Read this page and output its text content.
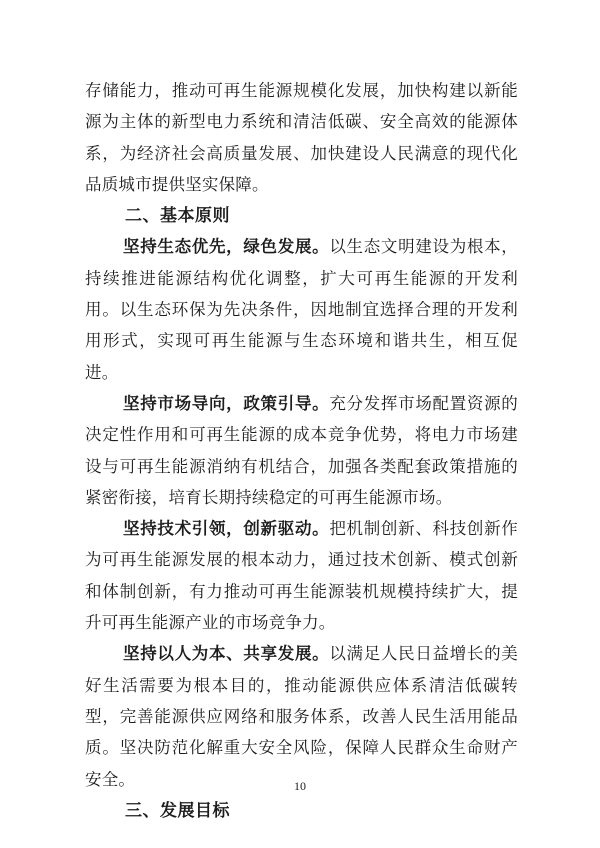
存储能力，推动可再生能源规模化发展，加快构建以新能源为主体的新型电力系统和清洁低碳、安全高效的能源体系，为经济社会高质量发展、加快建设人民满意的现代化品质城市提供坚实保障。

二、基本原则

坚持生态优先，绿色发展。以生态文明建设为根本，持续推进能源结构优化调整，扩大可再生能源的开发利用。以生态环保为先决条件，因地制宜选择合理的开发利用形式，实现可再生能源与生态环境和谐共生，相互促进。

坚持市场导向，政策引导。充分发挥市场配置资源的决定性作用和可再生能源的成本竞争优势，将电力市场建设与可再生能源消纳有机结合，加强各类配套政策措施的紧密衔接，培育长期持续稳定的可再生能源市场。

坚持技术引领，创新驱动。把机制创新、科技创新作为可再生能源发展的根本动力，通过技术创新、模式创新和体制创新，有力推动可再生能源装机规模持续扩大，提升可再生能源产业的市场竞争力。

坚持以人为本、共享发展。以满足人民日益增长的美好生活需要为根本目的，推动能源供应体系清洁低碳转型，完善能源供应网络和服务体系，改善人民生活用能品质。坚决防范化解重大安全风险，保障人民群众生命财产安全。

三、发展目标
10
